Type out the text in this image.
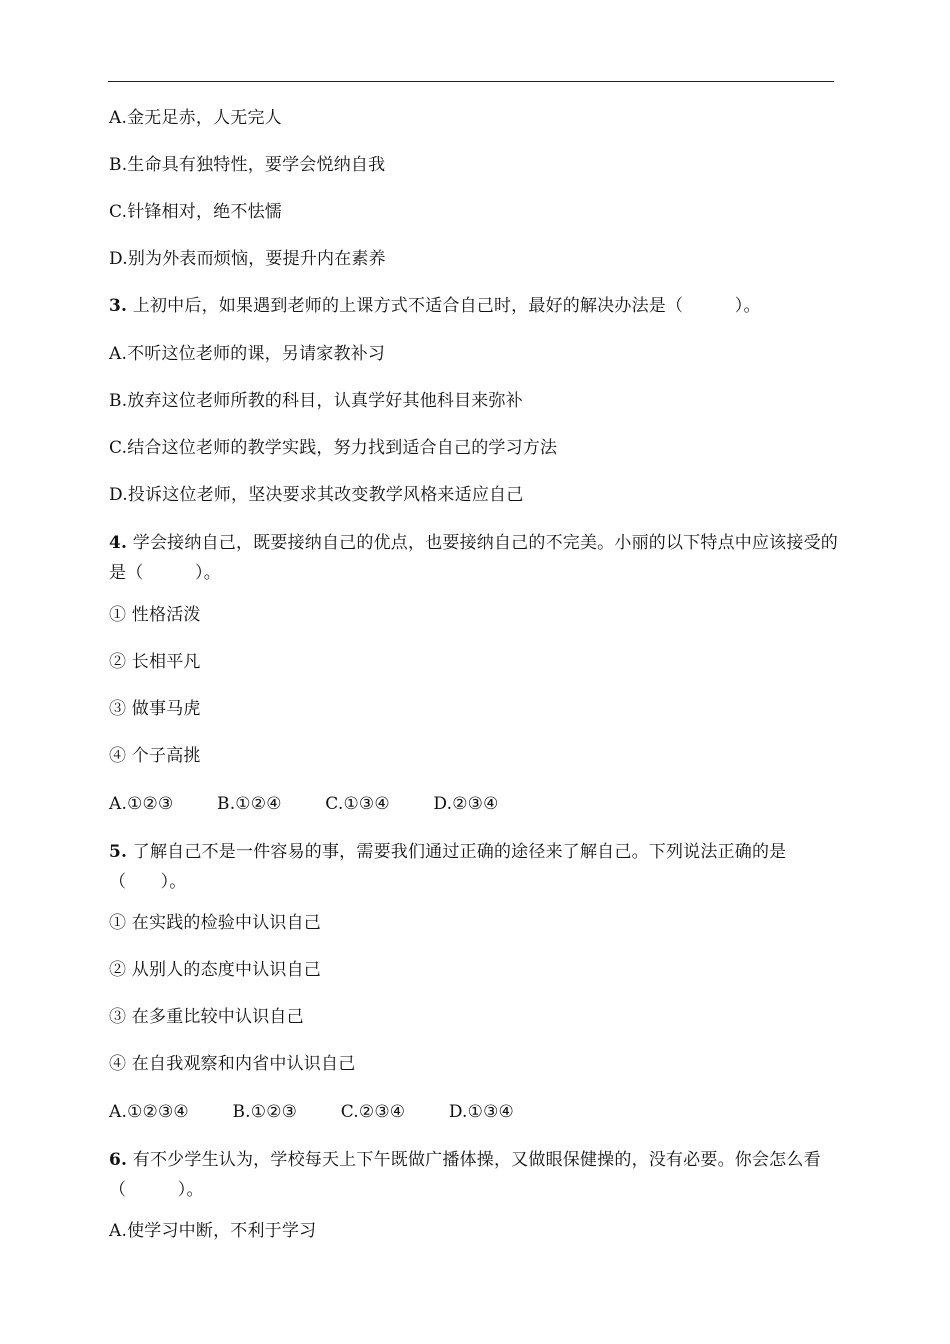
A.金无足赤，人无完人
B.生命具有独特性，要学会悦纳自我
C.针锋相对，绝不怯懦
D.别为外表而烦恼，要提升内在素养
3. 上初中后，如果遇到老师的上课方式不适合自己时，最好的解决办法是（　　　）。
A.不听这位老师的课，另请家教补习
B.放弃这位老师所教的科目，认真学好其他科目来弥补
C.结合这位老师的教学实践，努力找到适合自己的学习方法
D.投诉这位老师，坚决要求其改变教学风格来适应自己
4. 学会接纳自己，既要接纳自己的优点，也要接纳自己的不完美。小丽的以下特点中应该接受的是（　　　）。
① 性格活泼
② 长相平凡
③ 做事马虎
④ 个子高挑
A.①②③	B.①②④	C.①③④	D.②③④
5. 了解自己不是一件容易的事，需要我们通过正确的途径来了解自己。下列说法正确的是（　　）。
① 在实践的检验中认识自己
② 从别人的态度中认识自己
③ 在多重比较中认识自己
④ 在自我观察和内省中认识自己
A.①②③④	B.①②③	C.②③④	D.①③④
6. 有不少学生认为，学校每天上下午既做广播体操，又做眼保健操的，没有必要。你会怎么看（　　　）。
A.使学习中断，不利于学习
